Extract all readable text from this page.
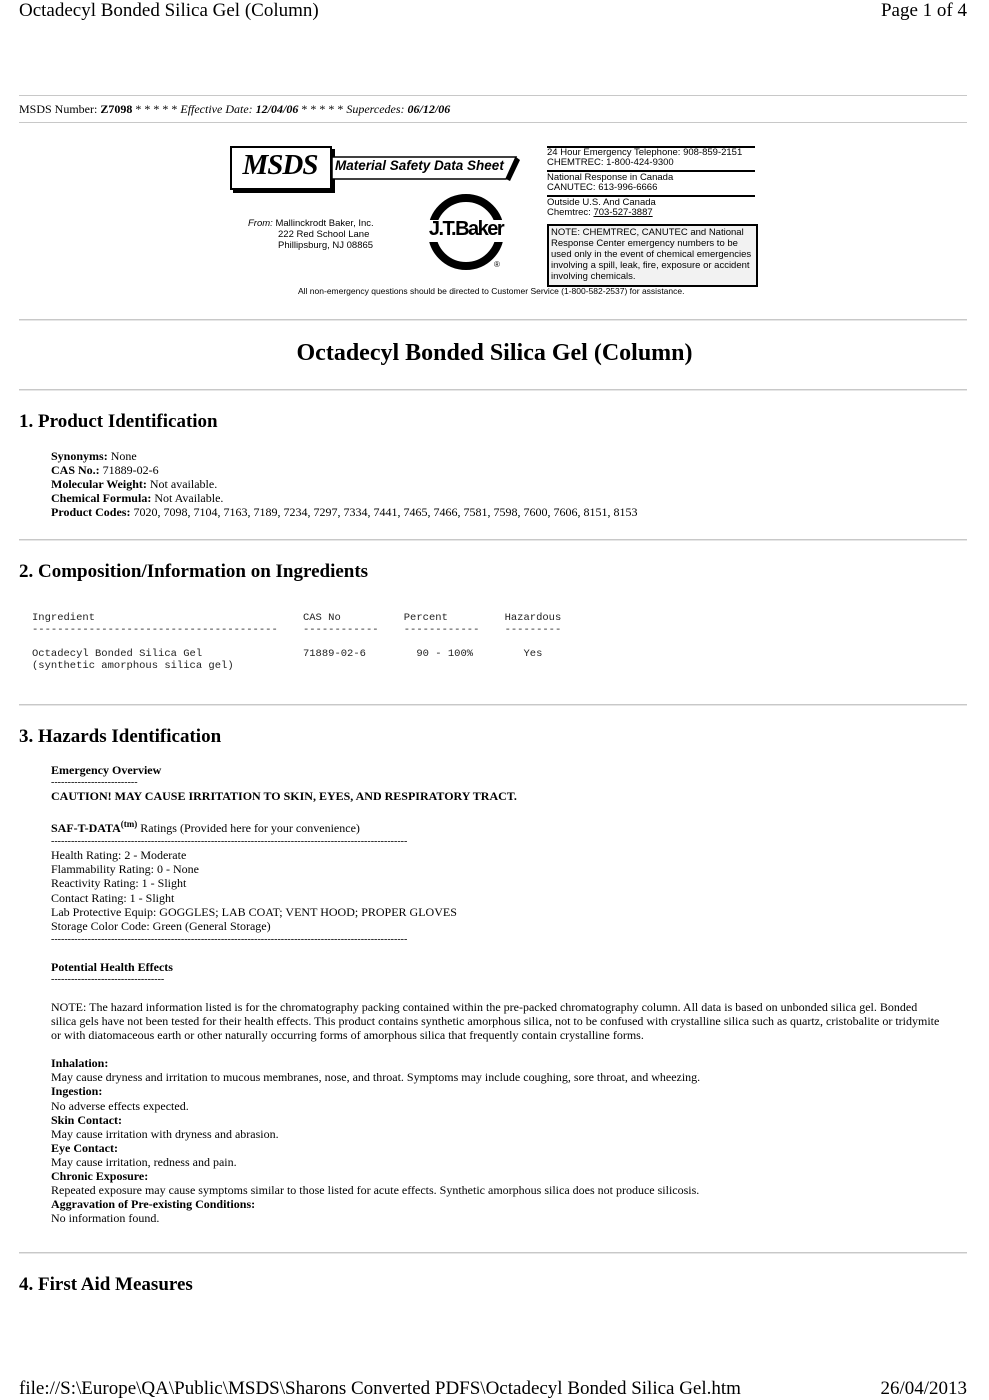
Octadecyl Bonded Silica Gel (Column)	Page 1 of 4
MSDS Number: Z7098 * * * * * Effective Date: 12/04/06 * * * * * Supercedes: 06/12/06
MSDS	Material Safety Data Sheet
From: Mallinckrodt Baker, Inc.
222 Red School Lane
Phillipsburg, NJ 08865
J.T.Baker
®
24 Hour Emergency Telephone: 908-859-2151
CHEMTREC: 1-800-424-9300
National Response in Canada
CANUTEC: 613-996-6666
Outside U.S. And Canada
Chemtrec: 703-527-3887
NOTE: CHEMTREC, CANUTEC and National Response Center emergency numbers to be used only in the event of chemical emergencies involving a spill, leak, fire, exposure or accident involving chemicals.
All non-emergency questions should be directed to Customer Service (1-800-582-2537) for assistance.
Octadecyl Bonded Silica Gel (Column)
1. Product Identification
Synonyms: None
CAS No.: 71889-02-6
Molecular Weight: Not available.
Chemical Formula: Not Available.
Product Codes: 7020, 7098, 7104, 7163, 7189, 7234, 7297, 7334, 7441, 7465, 7466, 7581, 7598, 7600, 7606, 8151, 8153
2. Composition/Information on Ingredients
Ingredient                                 CAS No          Percent         Hazardous
---------------------------------------    ------------    ------------    ---------
Octadecyl Bonded Silica Gel                71889-02-6        90 - 100%        Yes
(synthetic amorphous silica gel)
3. Hazards Identification
Emergency Overview
--------------------------
CAUTION! MAY CAUSE IRRITATION TO SKIN, EYES, AND RESPIRATORY TRACT.
SAF-$T-DATA^{(tm)}$ Ratings (Provided here for your convenience)
-----------------------------------------------------------------------------------------------------------
Health Rating: 2 - Moderate
Flammability Rating: 0 - None
Reactivity Rating: 1 - Slight
Contact Rating: 1 - Slight
Lab Protective Equip: GOGGLES; LAB COAT; VENT HOOD; PROPER GLOVES
Storage Color Code: Green (General Storage)
-----------------------------------------------------------------------------------------------------------
Potential Health Effects
----------------------------------
NOTE: The hazard information listed is for the chromatography packing contained within the pre-packed chromatography column. All data is based on unbonded silica gel. Bonded silica gels have not been tested for their health effects. This product contains synthetic amorphous silica, not to be confused with crystalline silica such as quartz, cristobalite or tridymite or with diatomaceous earth or other naturally occurring forms of amorphous silica that frequently contain crystalline forms.
Inhalation:
May cause dryness and irritation to mucous membranes, nose, and throat. Symptoms may include coughing, sore throat, and wheezing.
Ingestion:
No adverse effects expected.
Skin Contact:
May cause irritation with dryness and abrasion.
Eye Contact:
May cause irritation, redness and pain.
Chronic Exposure:
Repeated exposure may cause symptoms similar to those listed for acute effects. Synthetic amorphous silica does not produce silicosis.
Aggravation of Pre-existing Conditions:
No information found.
4. First Aid Measures
file://S:\Europe\QA\Public\MSDS\Sharons Converted PDFS\Octadecyl Bonded Silica Gel.htm	26/04/2013
